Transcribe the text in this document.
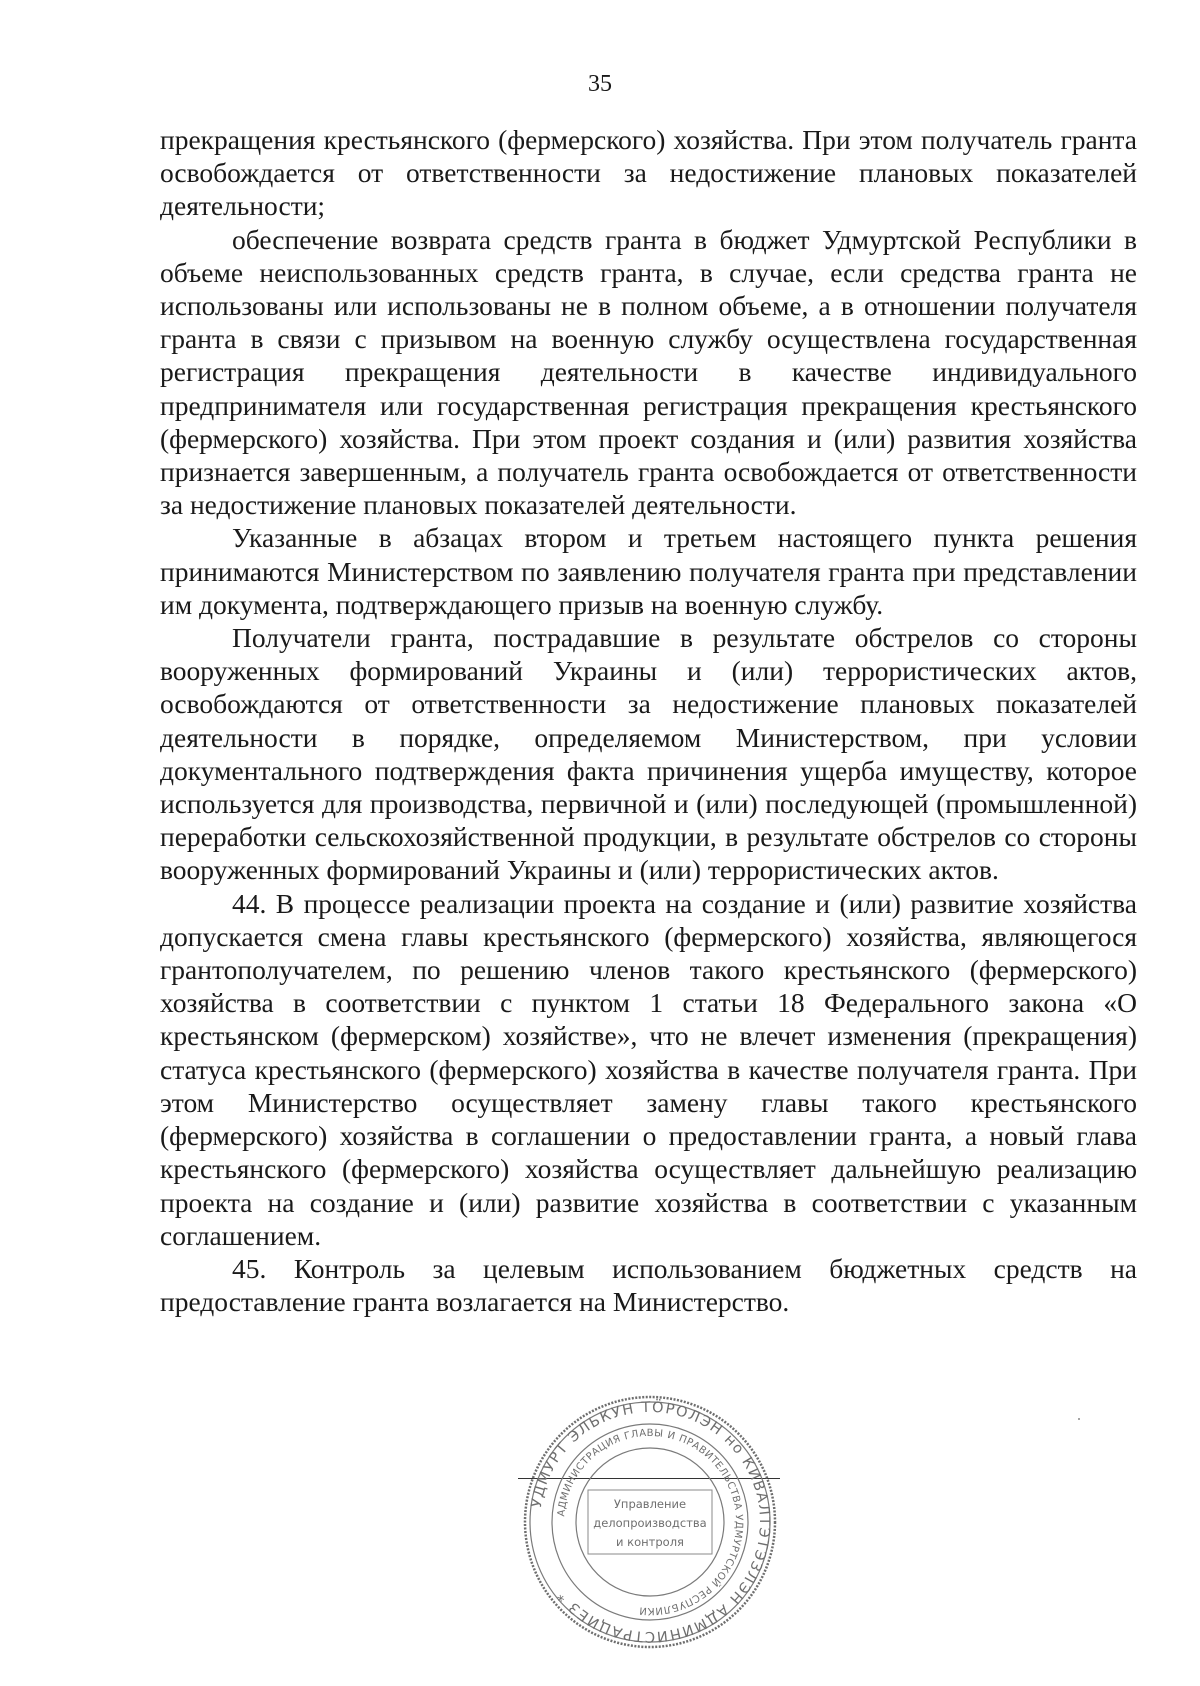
35

прекращения крестьянского (фермерского) хозяйства. При этом получатель гранта освобождается от ответственности за недостижение плановых показателей деятельности;

обеспечение возврата средств гранта в бюджет Удмуртской Республики в объеме неиспользованных средств гранта, в случае, если средства гранта не использованы или использованы не в полном объеме, а в отношении получателя гранта в связи с призывом на военную службу осуществлена государственная регистрация прекращения деятельности в качестве индивидуального предпринимателя или государственная регистрация прекращения крестьянского (фермерского) хозяйства. При этом проект создания и (или) развития хозяйства признается завершенным, а получатель гранта освобождается от ответственности за недостижение плановых показателей деятельности.

Указанные в абзацах втором и третьем настоящего пункта решения принимаются Министерством по заявлению получателя гранта при представлении им документа, подтверждающего призыв на военную службу.

Получатели гранта, пострадавшие в результате обстрелов со стороны вооруженных формирований Украины и (или) террористических актов, освобождаются от ответственности за недостижение плановых показателей деятельности в порядке, определяемом Министерством, при условии документального подтверждения факта причинения ущерба имуществу, которое используется для производства, первичной и (или) последующей (промышленной) переработки сельскохозяйственной продукции, в результате обстрелов со стороны вооруженных формирований Украины и (или) террористических актов.

44. В процессе реализации проекта на создание и (или) развитие хозяйства допускается смена главы крестьянского (фермерского) хозяйства, являющегося грантополучателем, по решению членов такого крестьянского (фермерского) хозяйства в соответствии с пунктом 1 статьи 18 Федерального закона «О крестьянском (фермерском) хозяйстве», что не влечет изменения (прекращения) статуса крестьянского (фермерского) хозяйства в качестве получателя гранта. При этом Министерство осуществляет замену главы такого крестьянского (фермерского) хозяйства в соглашении о предоставлении гранта, а новый глава крестьянского (фермерского) хозяйства осуществляет дальнейшую реализацию проекта на создание и (или) развитие хозяйства в соответствии с указанным соглашением.

45. Контроль за целевым использованием бюджетных средств на предоставление гранта возлагается на Министерство.

УДМУРТ ЭЛЬКУН ТӦРОЛЭН но КИВАЛТЭТЭЗЛЭН АДМИНИСТРАЦИЕЗ *
АДМИНИСТРАЦИЯ ГЛАВЫ И ПРАВИТЕЛЬСТВА УДМУРТСКОЙ РЕСПУБЛИКИ
Управление
делопроизводства
и контроля
